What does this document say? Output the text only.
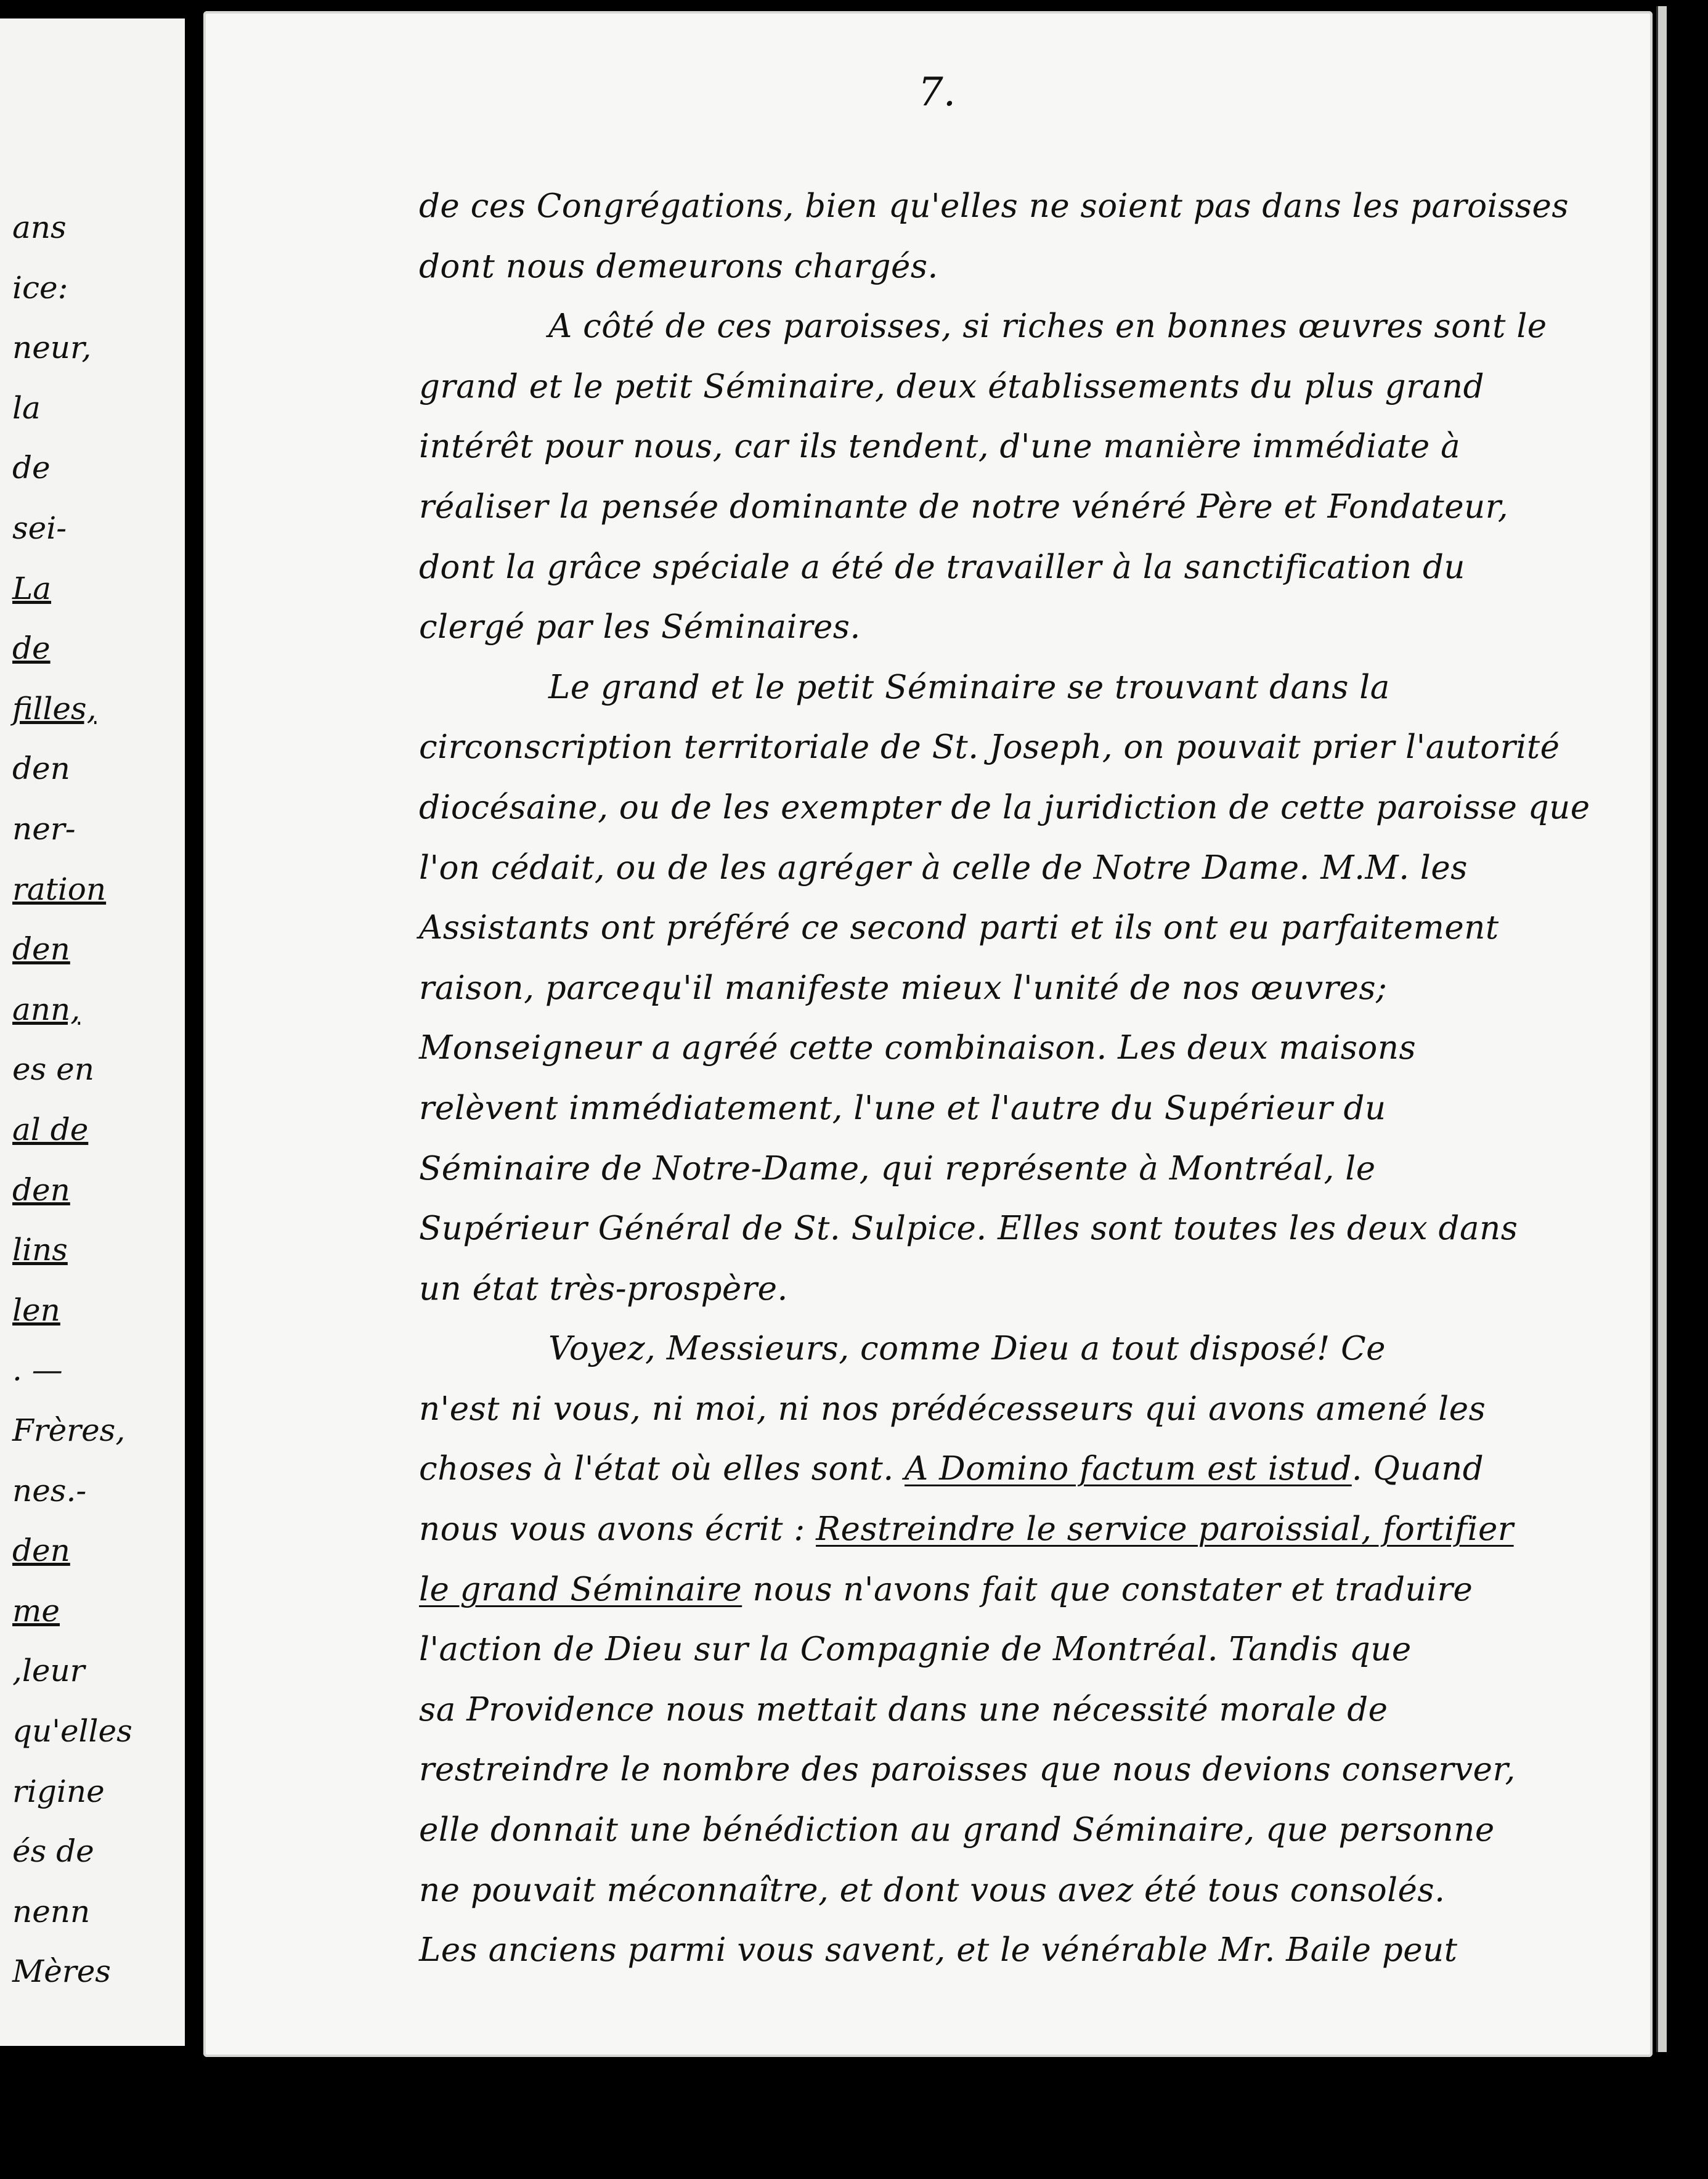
ans
ice:
neur,
la
de
sei-
La
de
filles,
den
ner-
ration
den
ann,
es en
al de
den
lins
len
. —
Frères,
nes.-
den
me
,leur
qu'elles
rigine
és de
nenn
Mères
7.
de ces Congrégations, bien qu'elles ne soient pas dans les paroisses
dont nous demeurons chargés.
A côté de ces paroisses, si riches en bonnes œuvres sont le
grand et le petit Séminaire, deux établissements du plus grand
intérêt pour nous, car ils tendent, d'une manière immédiate à
réaliser la pensée dominante de notre vénéré Père et Fondateur,
dont la grâce spéciale a été de travailler à la sanctification du
clergé par les Séminaires.
Le grand et le petit Séminaire se trouvant dans la
circonscription territoriale de St. Joseph, on pouvait prier l'autorité
diocésaine, ou de les exempter de la juridiction de cette paroisse que
l'on cédait, ou de les agréger à celle de Notre Dame. M.M. les
Assistants ont préféré ce second parti et ils ont eu parfaitement
raison, parcequ'il manifeste mieux l'unité de nos œuvres;
Monseigneur a agréé cette combinaison. Les deux maisons
relèvent immédiatement, l'une et l'autre du Supérieur du
Séminaire de Notre-Dame, qui représente à Montréal, le
Supérieur Général de St. Sulpice. Elles sont toutes les deux dans
un état très-prospère.
Voyez, Messieurs, comme Dieu a tout disposé! Ce
n'est ni vous, ni moi, ni nos prédécesseurs qui avons amené les
choses à l'état où elles sont. A Domino factum est istud. Quand
nous vous avons écrit : Restreindre le service paroissial, fortifier
le grand Séminaire nous n'avons fait que constater et traduire
l'action de Dieu sur la Compagnie de Montréal. Tandis que
sa Providence nous mettait dans une nécessité morale de
restreindre le nombre des paroisses que nous devions conserver,
elle donnait une bénédiction au grand Séminaire, que personne
ne pouvait méconnaître, et dont vous avez été tous consolés.
Les anciens parmi vous savent, et le vénérable Mr. Baile peut
